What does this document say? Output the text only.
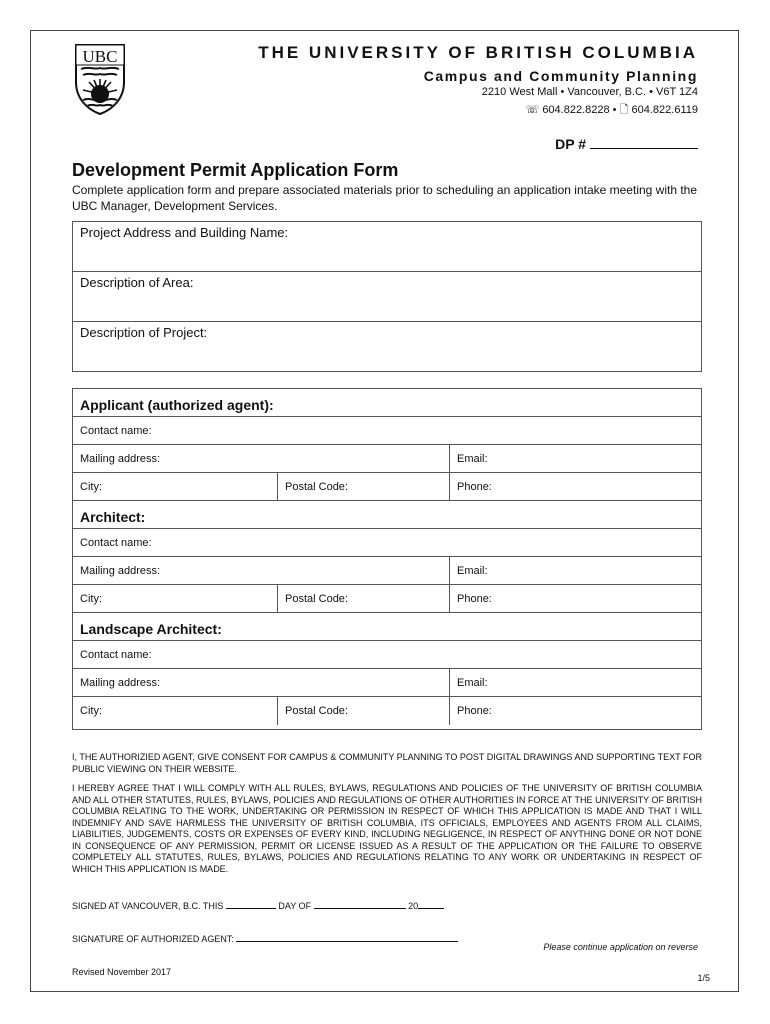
UBC	THE UNIVERSITY OF BRITISH COLUMBIA
Campus and Community Planning
2210 West Mall • Vancouver, B.C. • V6T 1Z4
☏ 604.822.8228 • 🗋 604.822.6119
DP #
Development Permit Application Form
Complete application form and prepare associated materials prior to scheduling an application intake meeting with the UBC Manager, Development Services.
Project Address and Building Name:
Description of Area:
Description of Project:
Applicant (authorized agent):
Contact name:
Mailing address:	Email:
City:	Postal Code:	Phone:
Architect:
Contact name:
Mailing address:	Email:
City:	Postal Code:	Phone:
Landscape Architect:
Contact name:
Mailing address:	Email:
City:	Postal Code:	Phone:
I, THE AUTHORIZIED AGENT, GIVE CONSENT FOR CAMPUS & COMMUNITY PLANNING TO POST DIGITAL DRAWINGS AND SUPPORTING TEXT FOR PUBLIC VIEWING ON THEIR WEBSITE.
I HEREBY AGREE THAT I WILL COMPLY WITH ALL RULES, BYLAWS, REGULATIONS AND POLICIES OF THE UNIVERSITY OF BRITISH COLUMBIA AND ALL OTHER STATUTES, RULES, BYLAWS, POLICIES AND REGULATIONS OF OTHER AUTHORITIES IN FORCE AT THE UNIVERSITY OF BRITISH COLUMBIA RELATING TO THE WORK, UNDERTAKING OR PERMISSION IN RESPECT OF WHICH THIS APPLICATION IS MADE AND THAT I WILL INDEMNIFY AND SAVE HARMLESS THE UNIVERSITY OF BRITISH COLUMBIA, ITS OFFICIALS, EMPLOYEES AND AGENTS FROM ALL CLAIMS, LIABILITIES, JUDGEMENTS, COSTS OR EXPENSES OF EVERY KIND, INCLUDING NEGLIGENCE, IN RESPECT OF ANYTHING DONE OR NOT DONE IN CONSEQUENCE OF ANY PERMISSION, PERMIT OR LICENSE ISSUED AS A RESULT OF THE APPLICATION OR THE FAILURE TO OBSERVE COMPLETELY ALL STATUTES, RULES, BYLAWS, POLICIES AND REGULATIONS RELATING TO ANY WORK OR UNDERTAKING IN RESPECT OF WHICH THIS APPLICATION IS MADE.
SIGNED AT VANCOUVER, B.C. THIS	DAY OF	20
SIGNATURE OF AUTHORIZED AGENT:
Please continue application on reverse
Revised November 2017
1/5
